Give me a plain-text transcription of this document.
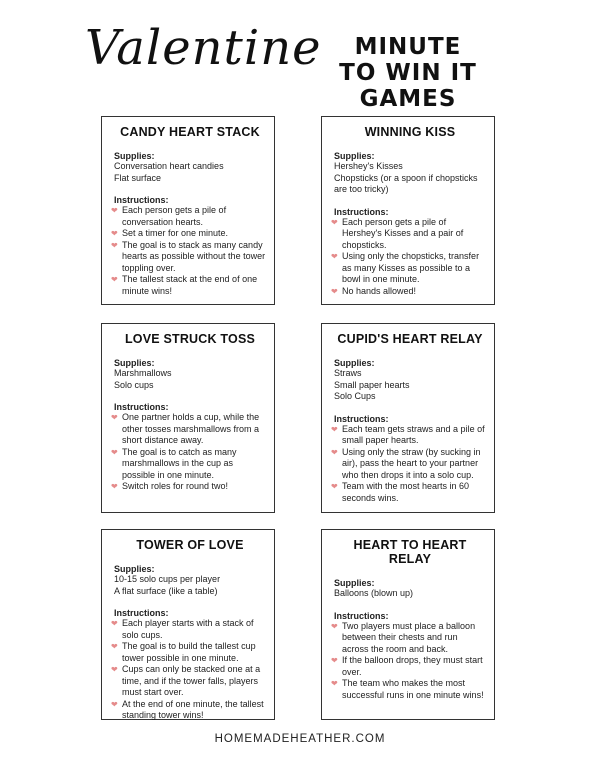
Valentine	MINUTE
TO WIN IT
GAMES
CANDY HEART STACK
Supplies:
Conversation heart candies
Flat surface
Instructions:
❤ Each person gets a pile of conversation hearts.
❤ Set a timer for one minute.
❤ The goal is to stack as many candy hearts as possible without the tower toppling over.
❤ The tallest stack at the end of one minute wins!
WINNING KISS
Supplies:
Hershey's Kisses
Chopsticks (or a spoon if chopsticks are too tricky)
Instructions:
❤ Each person gets a pile of Hershey's Kisses and a pair of chopsticks.
❤ Using only the chopsticks, transfer as many Kisses as possible to a bowl in one minute.
❤ No hands allowed!
LOVE STRUCK TOSS
Supplies:
Marshmallows
Solo cups
Instructions:
❤ One partner holds a cup, while the other tosses marshmallows from a short distance away.
❤ The goal is to catch as many marshmallows in the cup as possible in one minute.
❤ Switch roles for round two!
CUPID'S HEART RELAY
Supplies:
Straws
Small paper hearts
Solo Cups
Instructions:
❤ Each team gets straws and a pile of small paper hearts.
❤ Using only the straw (by sucking in air), pass the heart to your partner who then drops it into a solo cup.
❤ Team with the most hearts in 60 seconds wins.
TOWER OF LOVE
Supplies:
10-15 solo cups per player
A flat surface (like a table)
Instructions:
❤ Each player starts with a stack of solo cups.
❤ The goal is to build the tallest cup tower possible in one minute.
❤ Cups can only be stacked one at a time, and if the tower falls, players must start over.
❤ At the end of one minute, the tallest standing tower wins!
HEART TO HEART RELAY
Supplies:
Balloons (blown up)
Instructions:
❤ Two players must place a balloon between their chests and run across the room and back.
❤ If the balloon drops, they must start over.
❤ The team who makes the most successful runs in one minute wins!
HOMEMADEHEATHER.COM
